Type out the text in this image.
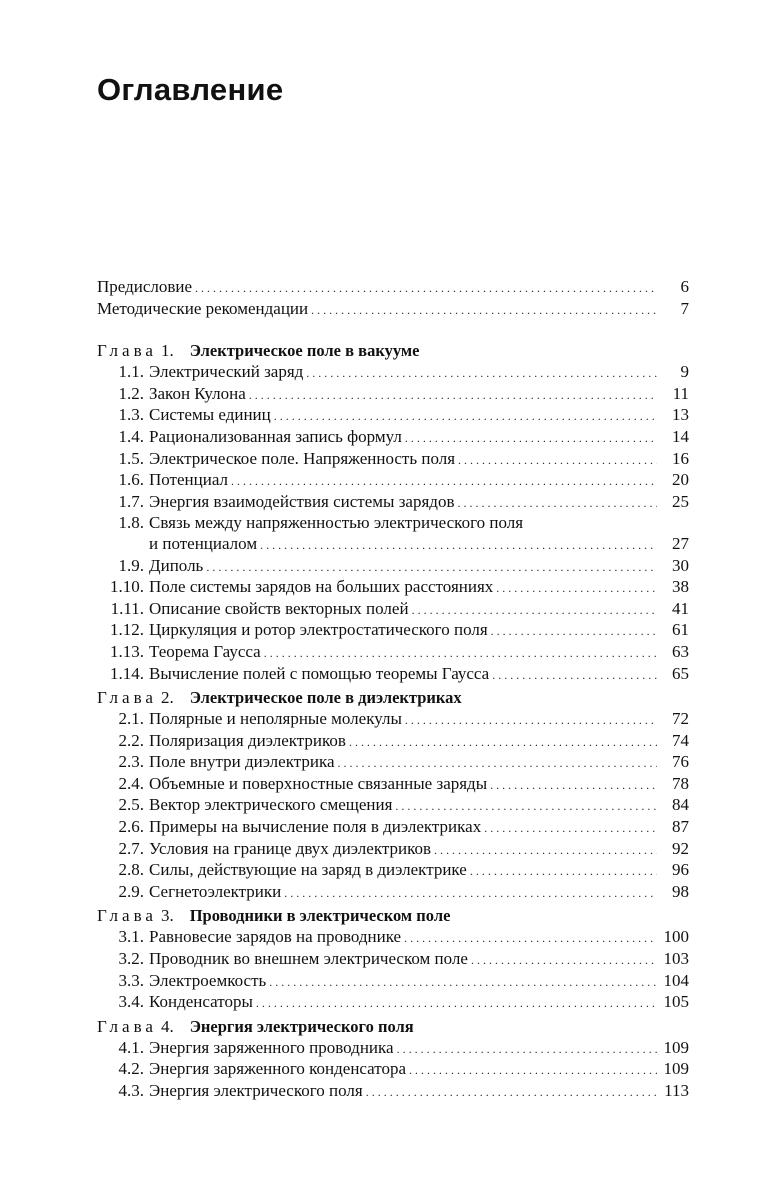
Оглавление
Предисловие . . .	6
Методические рекомендации . . .	7
Глава 1. Электрическое поле в вакууме
1.1. Электрический заряд . . .	9
1.2. Закон Кулона . . .	11
1.3. Системы единиц . . .	13
1.4. Рационализованная запись формул . . .	14
1.5. Электрическое поле. Напряженность поля . . .	16
1.6. Потенциал . . .	20
1.7. Энергия взаимодействия системы зарядов . . .	25
1.8. Связь между напряженностью электрического поля
и потенциалом . . .	27
1.9. Диполь . . .	30
1.10. Поле системы зарядов на больших расстояниях . . .	38
1.11. Описание свойств векторных полей . . .	41
1.12. Циркуляция и ротор электростатического поля . . .	61
1.13. Теорема Гаусса . . .	63
1.14. Вычисление полей с помощью теоремы Гаусса . . .	65
Глава 2. Электрическое поле в диэлектриках
2.1. Полярные и неполярные молекулы . . .	72
2.2. Поляризация диэлектриков . . .	74
2.3. Поле внутри диэлектрика . . .	76
2.4. Объемные и поверхностные связанные заряды . . .	78
2.5. Вектор электрического смещения . . .	84
2.6. Примеры на вычисление поля в диэлектриках . . .	87
2.7. Условия на границе двух диэлектриков . . .	92
2.8. Силы, действующие на заряд в диэлектрике . . .	96
2.9. Сегнетоэлектрики . . .	98
Глава 3. Проводники в электрическом поле
3.1. Равновесие зарядов на проводнике . . .	100
3.2. Проводник во внешнем электрическом поле . . .	103
3.3. Электроемкость . . .	104
3.4. Конденсаторы . . .	105
Глава 4. Энергия электрического поля
4.1. Энергия заряженного проводника . . .	109
4.2. Энергия заряженного конденсатора . . .	109
4.3. Энергия электрического поля . . .	113
